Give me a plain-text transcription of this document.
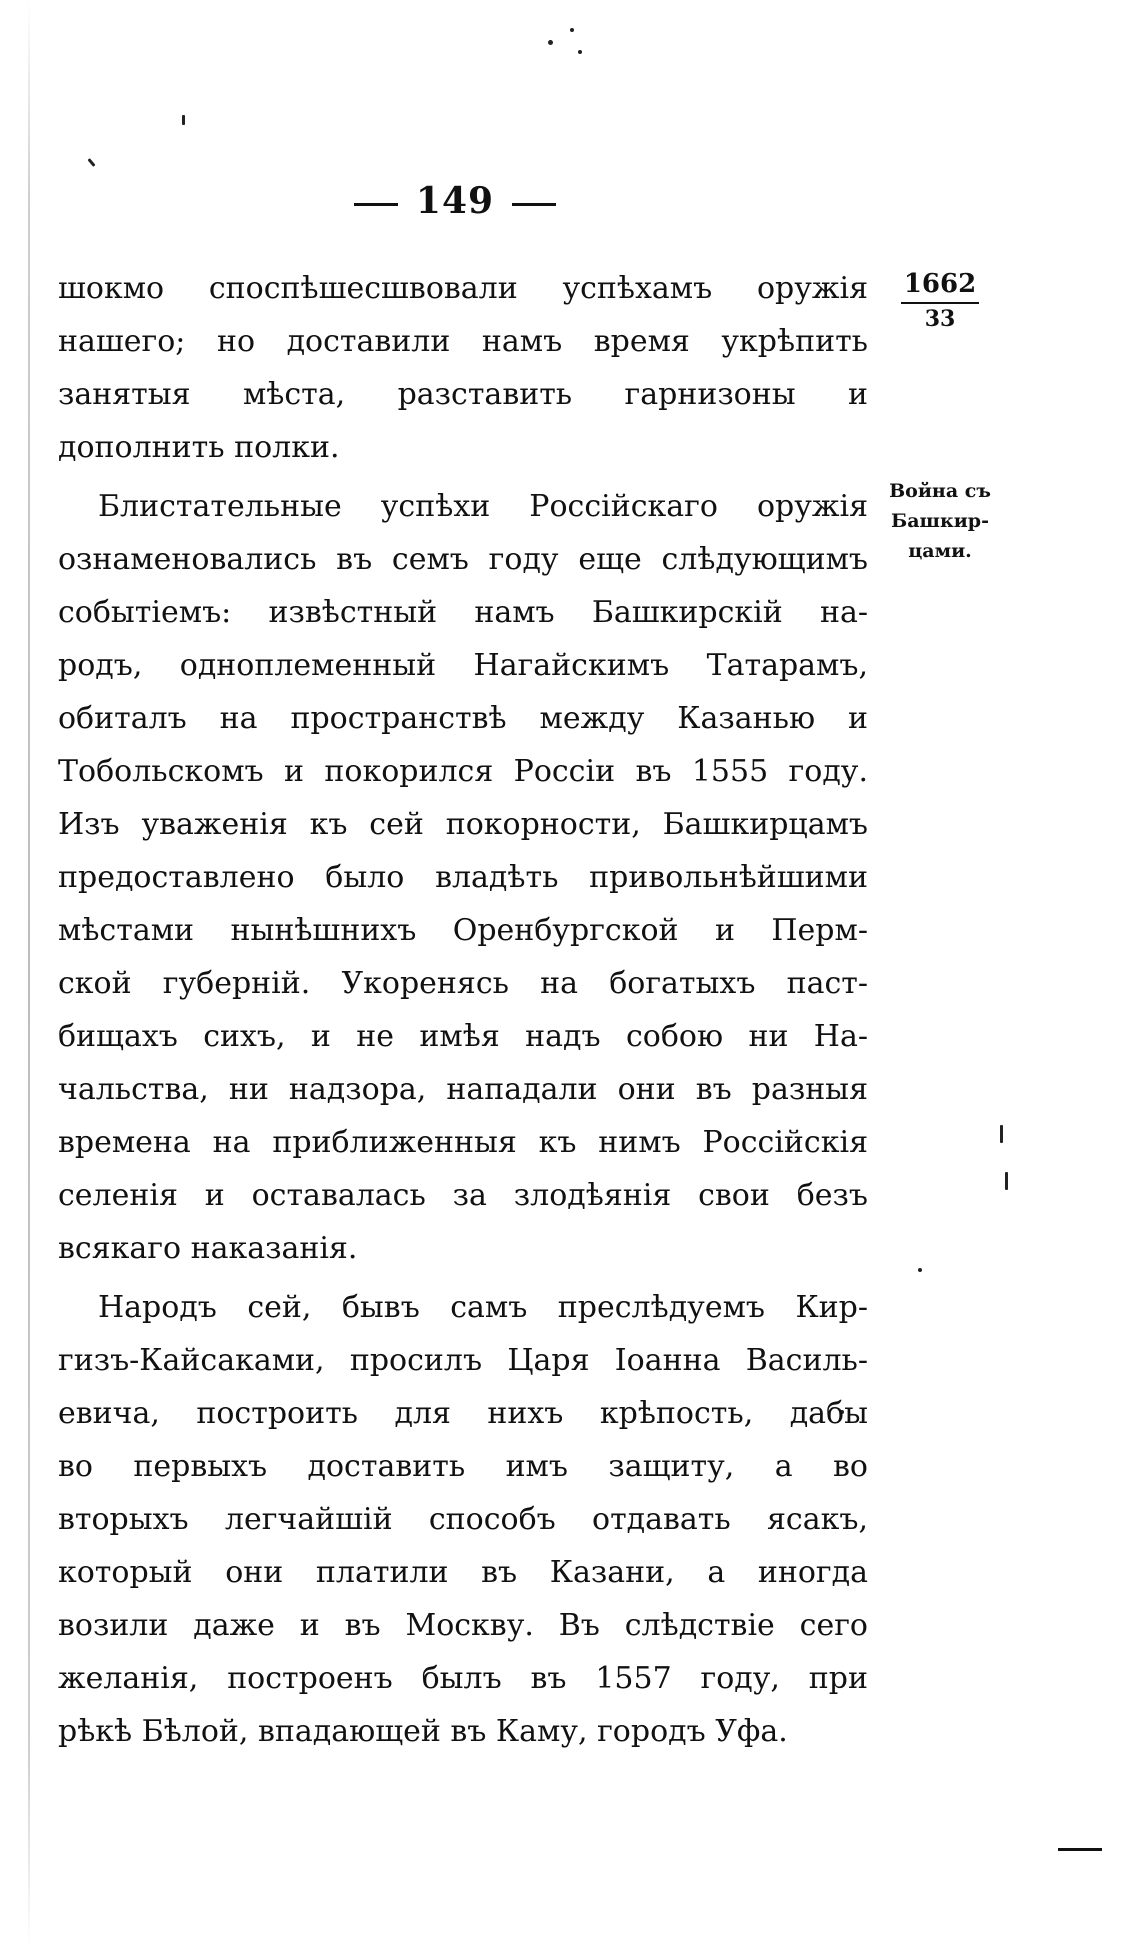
149
шокмо споспѣшесшвовали успѣхамъ оружія
нашего; но доставили намъ время укрѣпить
занятыя мѣста, разставить гарнизоны и
дополнить полки.
Блистательные успѣхи Россійскаго оружія
ознаменовались въ семъ году еще слѣдующимъ
событіемъ: извѣстный намъ Башкирскій на-
родъ, одноплеменный Нагайскимъ Татарамъ,
обиталъ на пространствѣ между Казанью и
Тобольскомъ и покорился Россіи въ 1555 году.
Изъ уваженія къ сей покорности, Башкирцамъ
предоставлено было владѣть привольнѣйшими
мѣстами нынѣшнихъ Оренбургской и Перм-
ской губерній. Укоренясь на богатыхъ паст-
бищахъ сихъ, и не имѣя надъ собою ни На-
чальства, ни надзора, нападали они въ разныя
времена на приближенныя къ нимъ Россійскія
селенія и оставалась за злодѣянія свои безъ
всякаго наказанія.
Народъ сей, бывъ самъ преслѣдуемъ Кир-
гизъ-Кайсаками, просилъ Царя Іоанна Василь-
евича, построить для нихъ крѣпость, дабы
во первыхъ доставить имъ защиту, а во
вторыхъ легчайшій способъ отдавать ясакъ,
который они платили въ Казани, а иногда
возили даже и въ Москву. Въ слѣдствіе сего
желанія, построенъ былъ въ 1557 году, при
рѣкѣ Бѣлой, впадающей въ Каму, городъ Уфа.
1662
33
Война съ
Башкир-
цами.
